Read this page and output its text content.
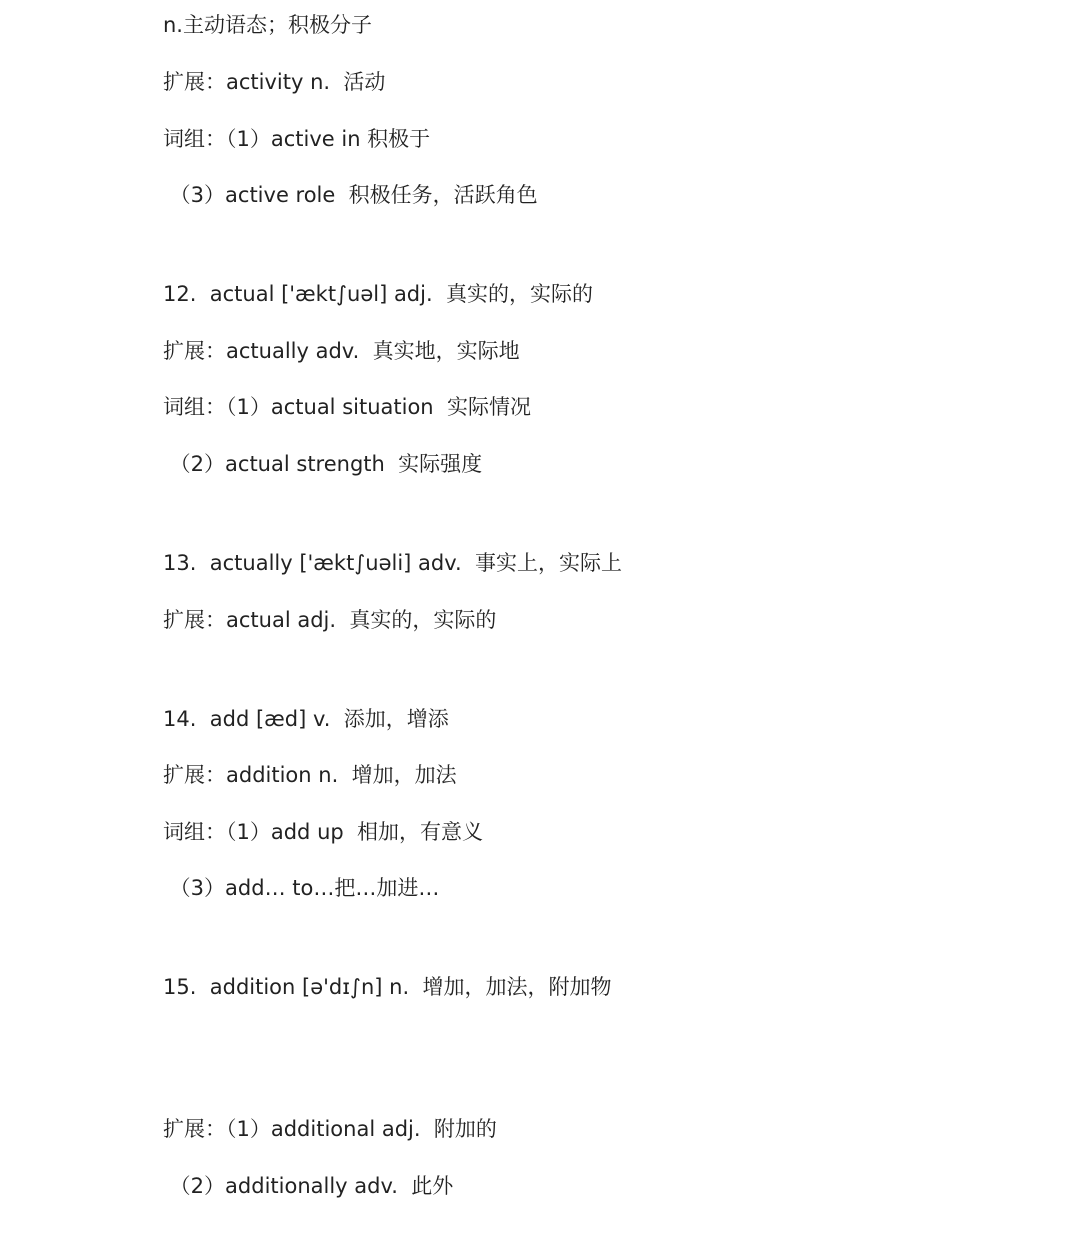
n.主动语态；积极分子
扩展：activity n.  活动
词组：（1）active in 积极于
（3）active role  积极任务，活跃角色
12.  actual ['ækt∫uəl] adj.  真实的，实际的
扩展：actually adv.  真实地，实际地
词组：（1）actual situation  实际情况
（2）actual strength  实际强度
13.  actually ['ækt∫uəli] adv.  事实上，实际上
扩展：actual adj.  真实的，实际的
14.  add [æd] v.  添加，增添
扩展：addition n.  增加，加法
词组：（1）add up  相加，有意义
（3）add… to…把…加进…
15.  addition [ə'dɪ∫n] n.  增加，加法，附加物
扩展：（1）additional adj.  附加的
（2）additionally adv.  此外
